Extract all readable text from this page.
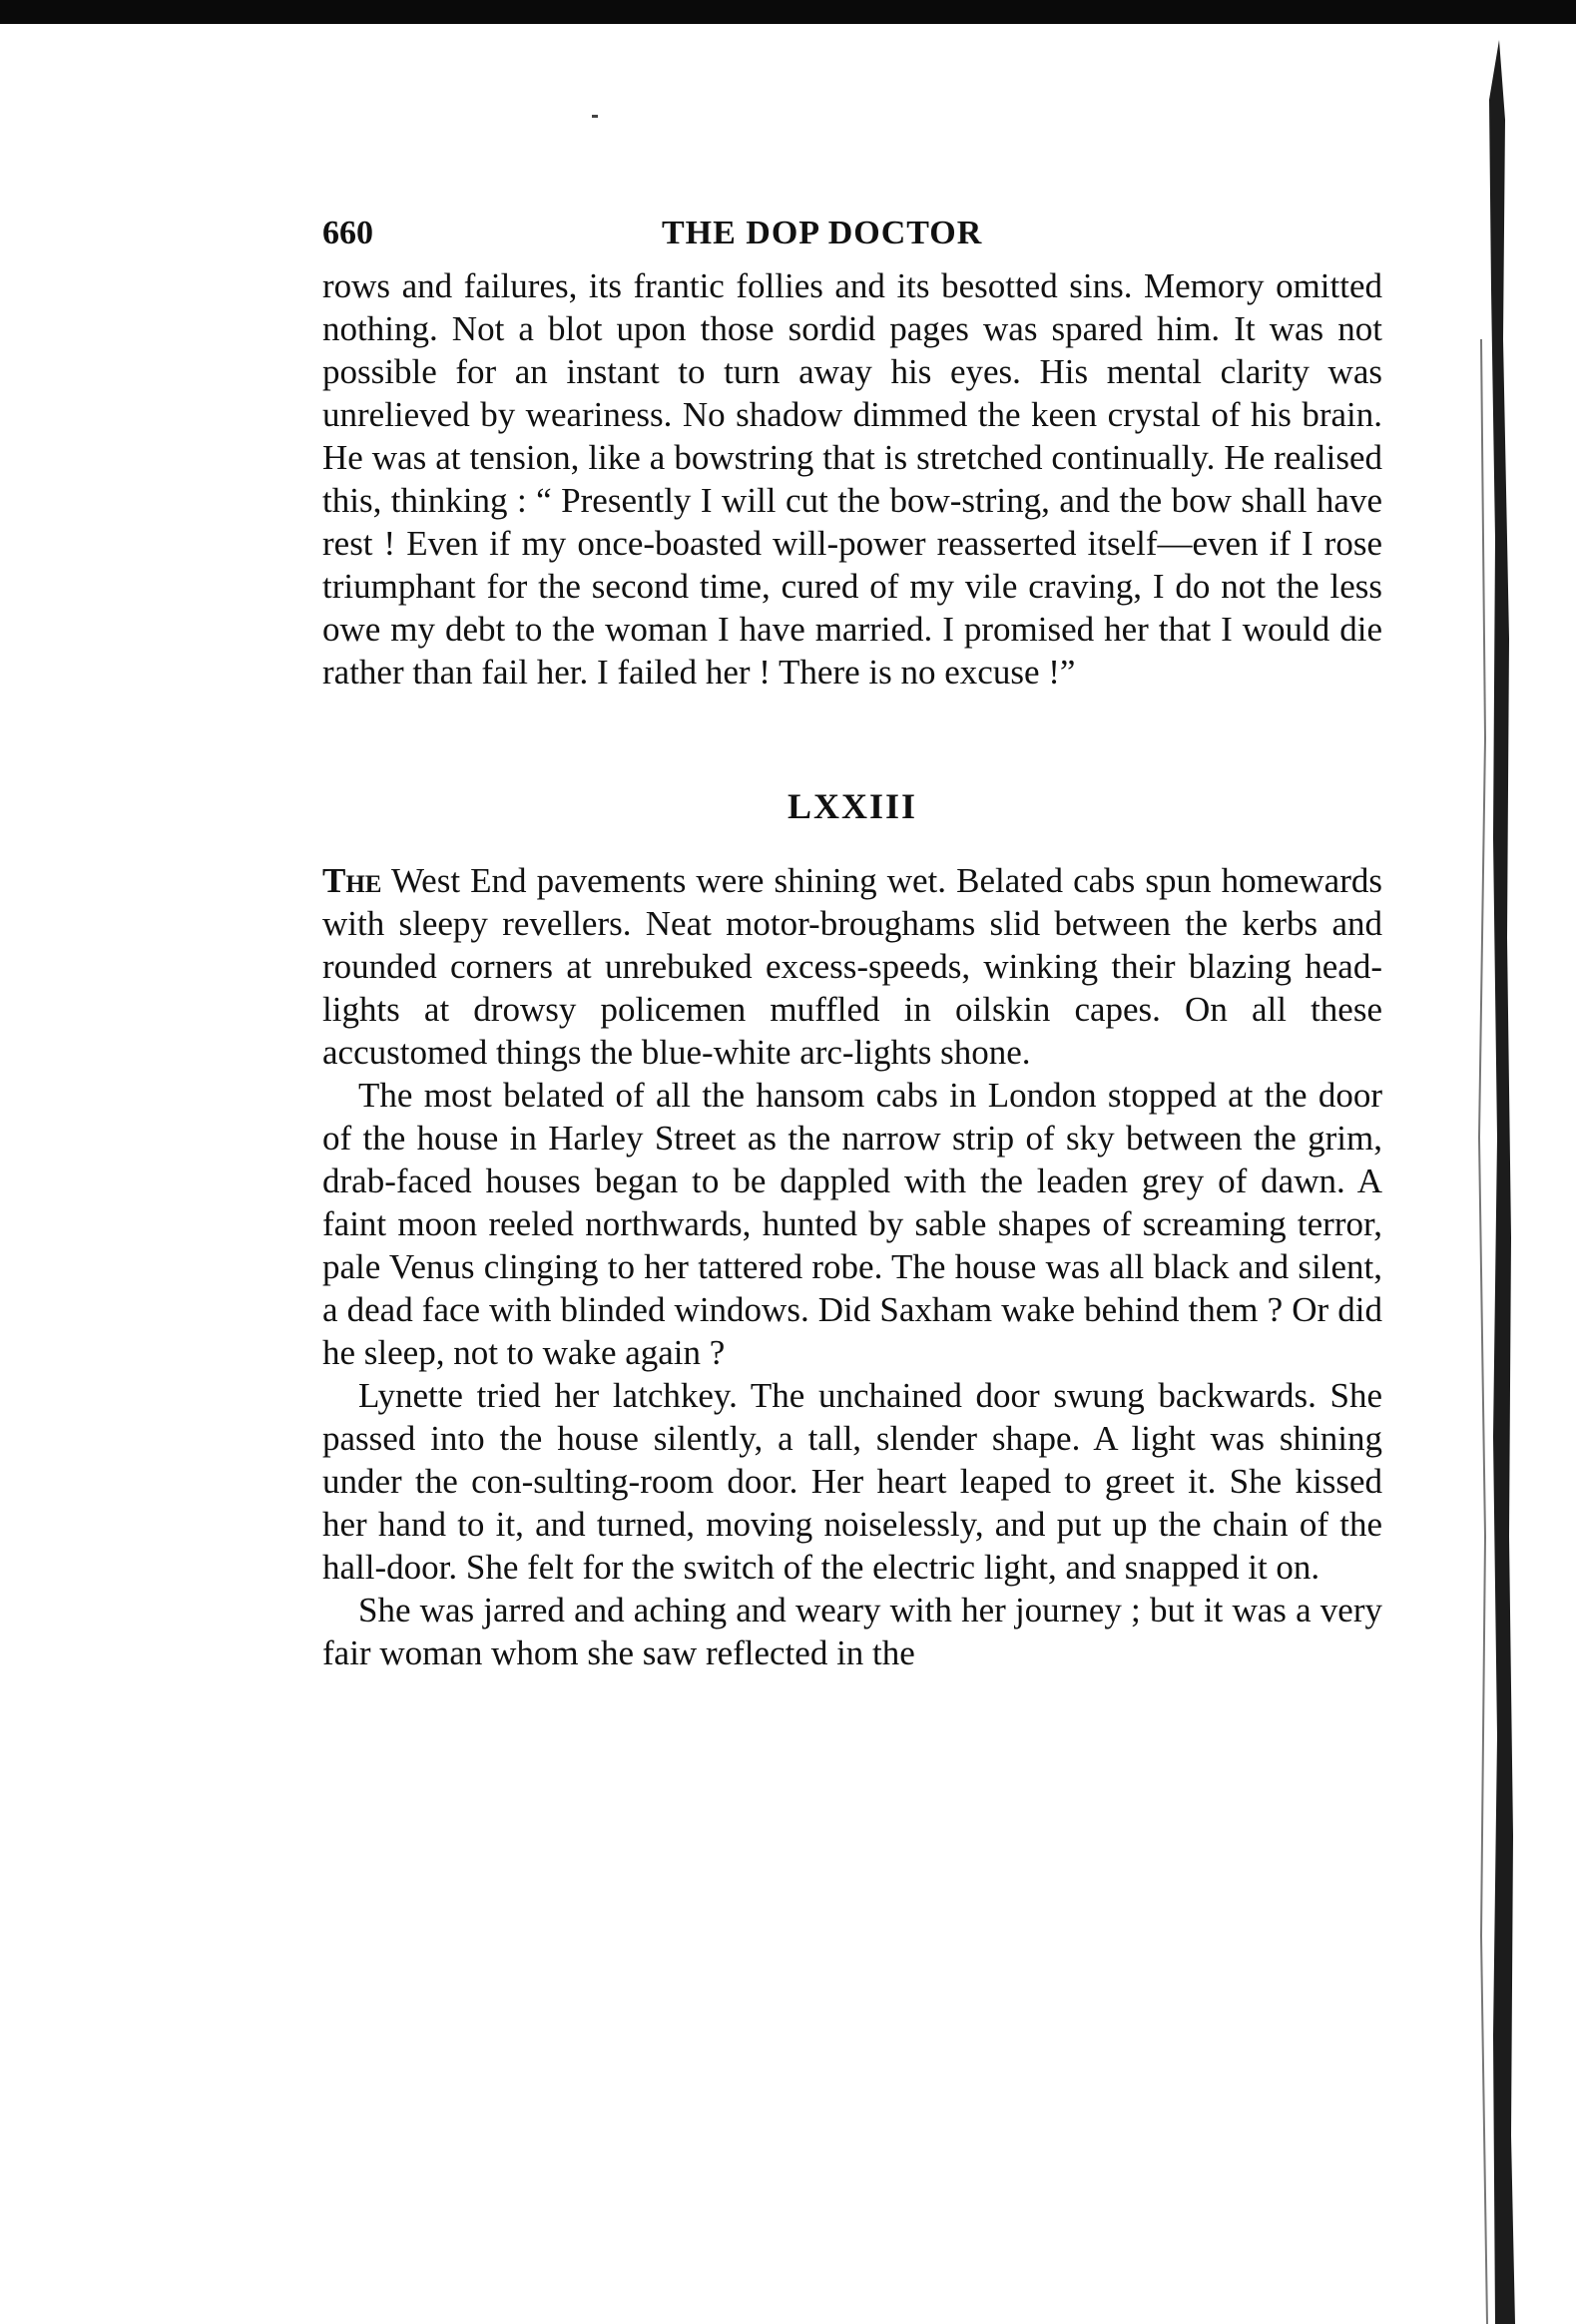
660	THE DOP DOCTOR

rows and failures, its frantic follies and its besotted sins. Memory omitted nothing. Not a blot upon those sordid pages was spared him. It was not possible for an instant to turn away his eyes. His mental clarity was unrelieved by weariness. No shadow dimmed the keen crystal of his brain. He was at tension, like a bowstring that is stretched continually. He realised this, thinking : “ Presently I will cut the bow-string, and the bow shall have rest ! Even if my once-boasted will-power reasserted itself—even if I rose triumphant for the second time, cured of my vile craving, I do not the less owe my debt to the woman I have married. I promised her that I would die rather than fail her. I failed her ! There is no excuse !”

LXXIII

The West End pavements were shining wet. Belated cabs spun homewards with sleepy revellers. Neat motor-broughams slid between the kerbs and rounded corners at unrebuked excess-speeds, winking their blazing head-lights at drowsy policemen muffled in oilskin capes. On all these accustomed things the blue-white arc-lights shone.

The most belated of all the hansom cabs in London stopped at the door of the house in Harley Street as the narrow strip of sky between the grim, drab-faced houses began to be dappled with the leaden grey of dawn. A faint moon reeled northwards, hunted by sable shapes of screaming terror, pale Venus clinging to her tattered robe. The house was all black and silent, a dead face with blinded windows. Did Saxham wake behind them ? Or did he sleep, not to wake again ?

Lynette tried her latchkey. The unchained door swung backwards. She passed into the house silently, a tall, slender shape. A light was shining under the con-sulting-room door. Her heart leaped to greet it. She kissed her hand to it, and turned, moving noiselessly, and put up the chain of the hall-door. She felt for the switch of the electric light, and snapped it on.

She was jarred and aching and weary with her journey ; but it was a very fair woman whom she saw reflected in the
